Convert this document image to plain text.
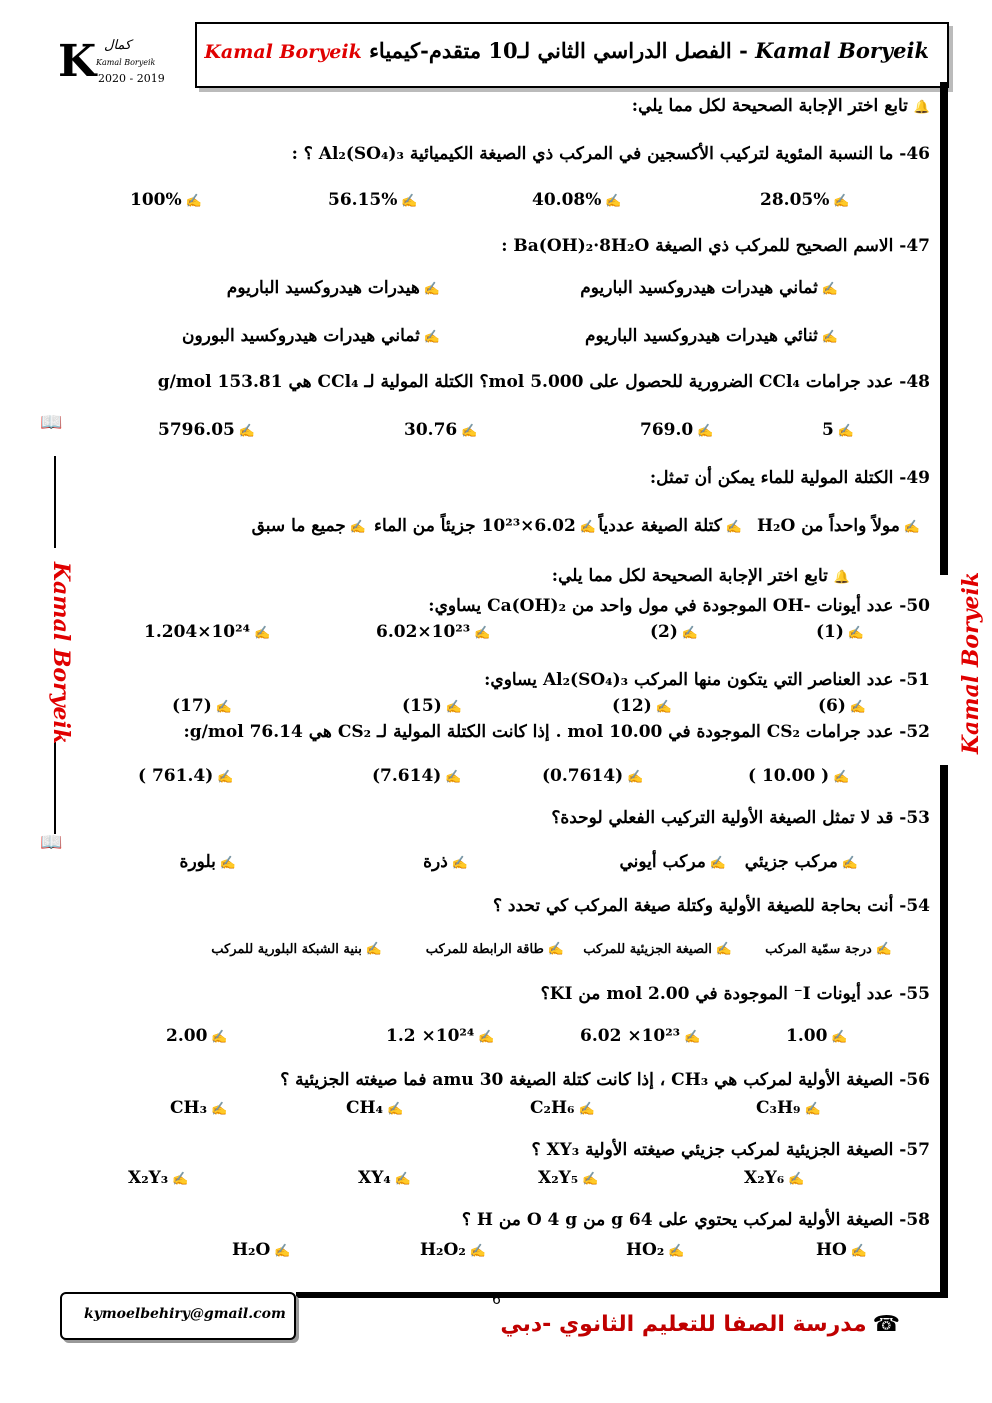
Kamal Boryeik - الفصل الدراسي الثاني لـ10 متقدم-كيمياء Kamal Boryeik
K كمال
Kamal Boryeik
2020 - 2019
📖
📖
Kamal Boryeik	Kamal Boryeik
🔔 تابع اختر الإجابة الصحيحة لكل مما يلي:
46- ما النسبة المئوية لتركيب الأكسجين في المركب ذي الصيغة الكيميائية Al₂(SO₄)₃ ؟ :
28.05% ✍
40.08% ✍
56.15% ✍
100% ✍
47- الاسم الصحيح للمركب ذي الصيغة Ba(OH)₂·8H₂O :
✍ثماني هيدرات هيدروكسيد الباريوم
✍هيدرات هيدروكسيد الباريوم
✍ثنائي هيدرات هيدروكسيد الباريوم
✍ثماني هيدرات هيدروكسيد البورون
48- عدد جرامات CCl₄ الضرورية للحصول على 5.000 mol؟ الكتلة المولية لـ CCl₄ هي 153.81 g/mol
5 ✍
769.0 ✍
30.76 ✍
5796.05 ✍
49- الكتلة المولية للماء يمكن أن تمثل:
✍مولاً واحداً من H₂O
✍كتلة الصيغة عددياً
✍6.02×10²³ جزيئاً من الماء
✍جميع ما سبق
🔔 تابع اختر الإجابة الصحيحة لكل مما يلي:
50- عدد أيونات -OH الموجودة في مول واحد من Ca(OH)₂ يساوي:
(1) ✍
(2) ✍
6.02×10²³ ✍
1.204×10²⁴ ✍
51- عدد العناصر التي يتكون منها المركب Al₂(SO₄)₃ يساوي:
(6) ✍
(12) ✍
(15) ✍
(17) ✍
52- عدد جرامات CS₂ الموجودة في 10.00 mol . إذا كانت الكتلة المولية لـ CS₂ هي 76.14 g/mol:
( 10.00 ) ✍
(0.7614) ✍
(7.614) ✍
( 761.4) ✍
53- قد لا تمثل الصيغة الأولية التركيب الفعلي لوحدة؟
✍مركب جزيئي
✍مركب أيوني
✍ذرة
✍بلورة
54- أنت بحاجة للصيغة الأولية وكتلة صيغة المركب كي تحدد ؟
✍درجة سمّية المركب
✍الصيغة الجزيئية للمركب
✍طاقة الرابطة للمركب
✍بنية الشبكة البلورية للمركب
55- عدد أيونات I⁻ الموجودة في 2.00 mol من KI؟
1.00 ✍
6.02 ×10²³ ✍
1.2 ×10²⁴ ✍
2.00 ✍
56- الصيغة الأولية لمركب هي CH₃ ، إذا كانت كتلة الصيغة 30 amu فما صيغته الجزيئية ؟
C₃H₉ ✍
C₂H₆ ✍
CH₄ ✍
CH₃ ✍
57- الصيغة الجزيئية لمركب جزيئي صيغته الأولية XY₃ ؟
X₂Y₆ ✍
X₂Y₅ ✍
XY₄ ✍
X₂Y₃ ✍
58- الصيغة الأولية لمركب يحتوي على 64 g من O 4 g من H ؟
HO ✍
HO₂ ✍
H₂O₂ ✍
H₂O ✍
6
kymoelbehiry@gmail.com	☎مدرسة الصفا للتعليم الثانوي -دبي
